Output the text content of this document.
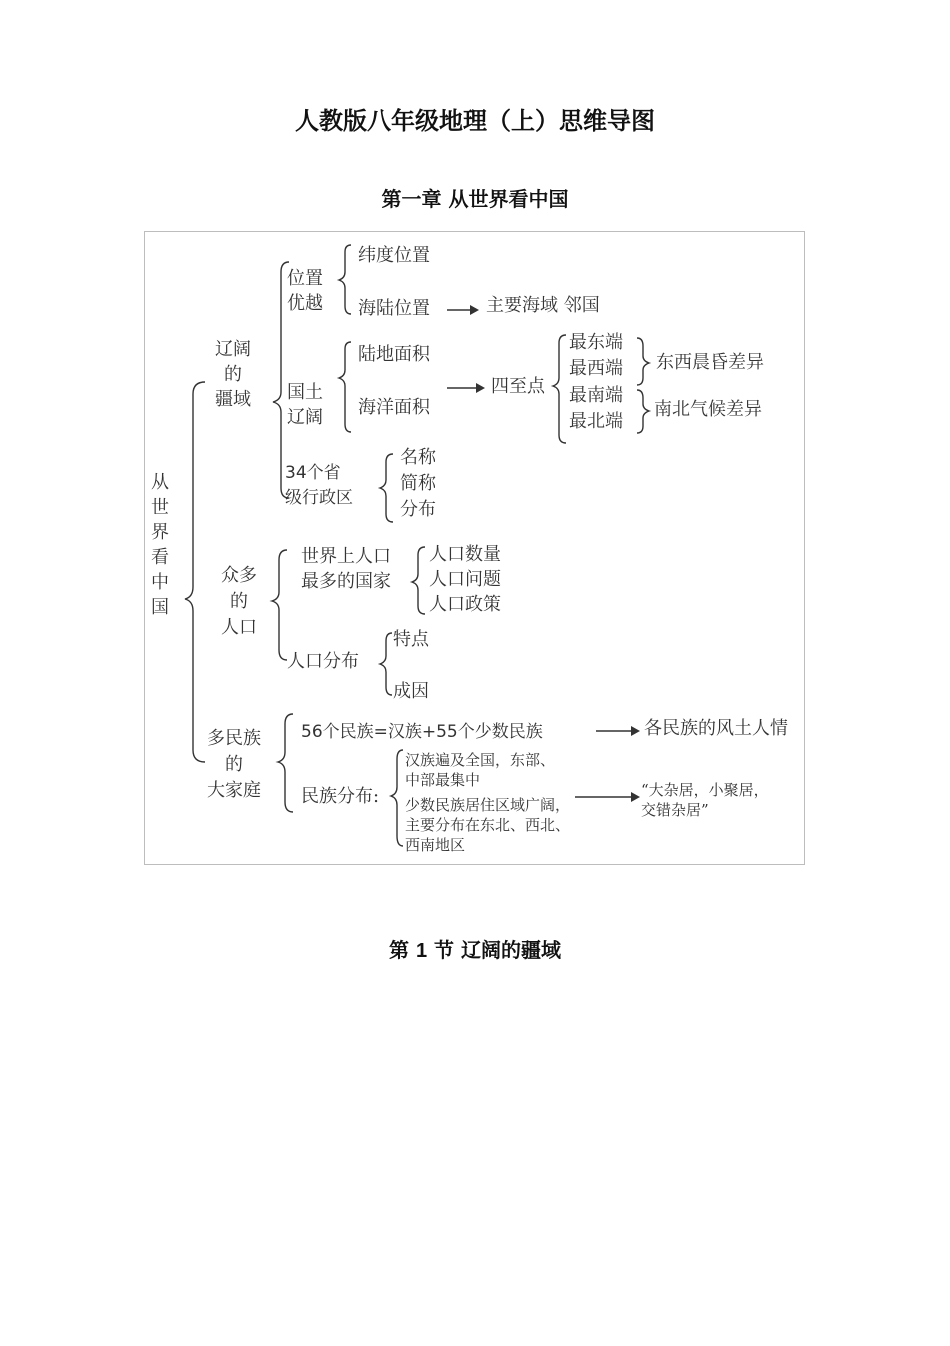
人教版八年级地理（上）思维导图
第一章 从世界看中国
从世界看中国
辽阔
的
疆域
位置
优越
纬度位置
海陆位置	主要海域 邻国
国土
辽阔
陆地面积
海洋面积
四至点
最东端
最西端
最南端
最北端
东西晨昏差异
南北气候差异
34个省
级行政区
名称
简称
分布
众多
的
人口
世界上人口
最多的国家
人口数量
人口问题
人口政策
人口分布
特点
成因
多民族
的
大家庭
56个民族=汉族+55个少数民族	各民族的风土人情
民族分布:
汉族遍及全国，东部、
中部最集中
少数民族居住区域广阔，
主要分布在东北、西北、
西南地区
“大杂居，小聚居，
交错杂居”
第 1 节 辽阔的疆域
